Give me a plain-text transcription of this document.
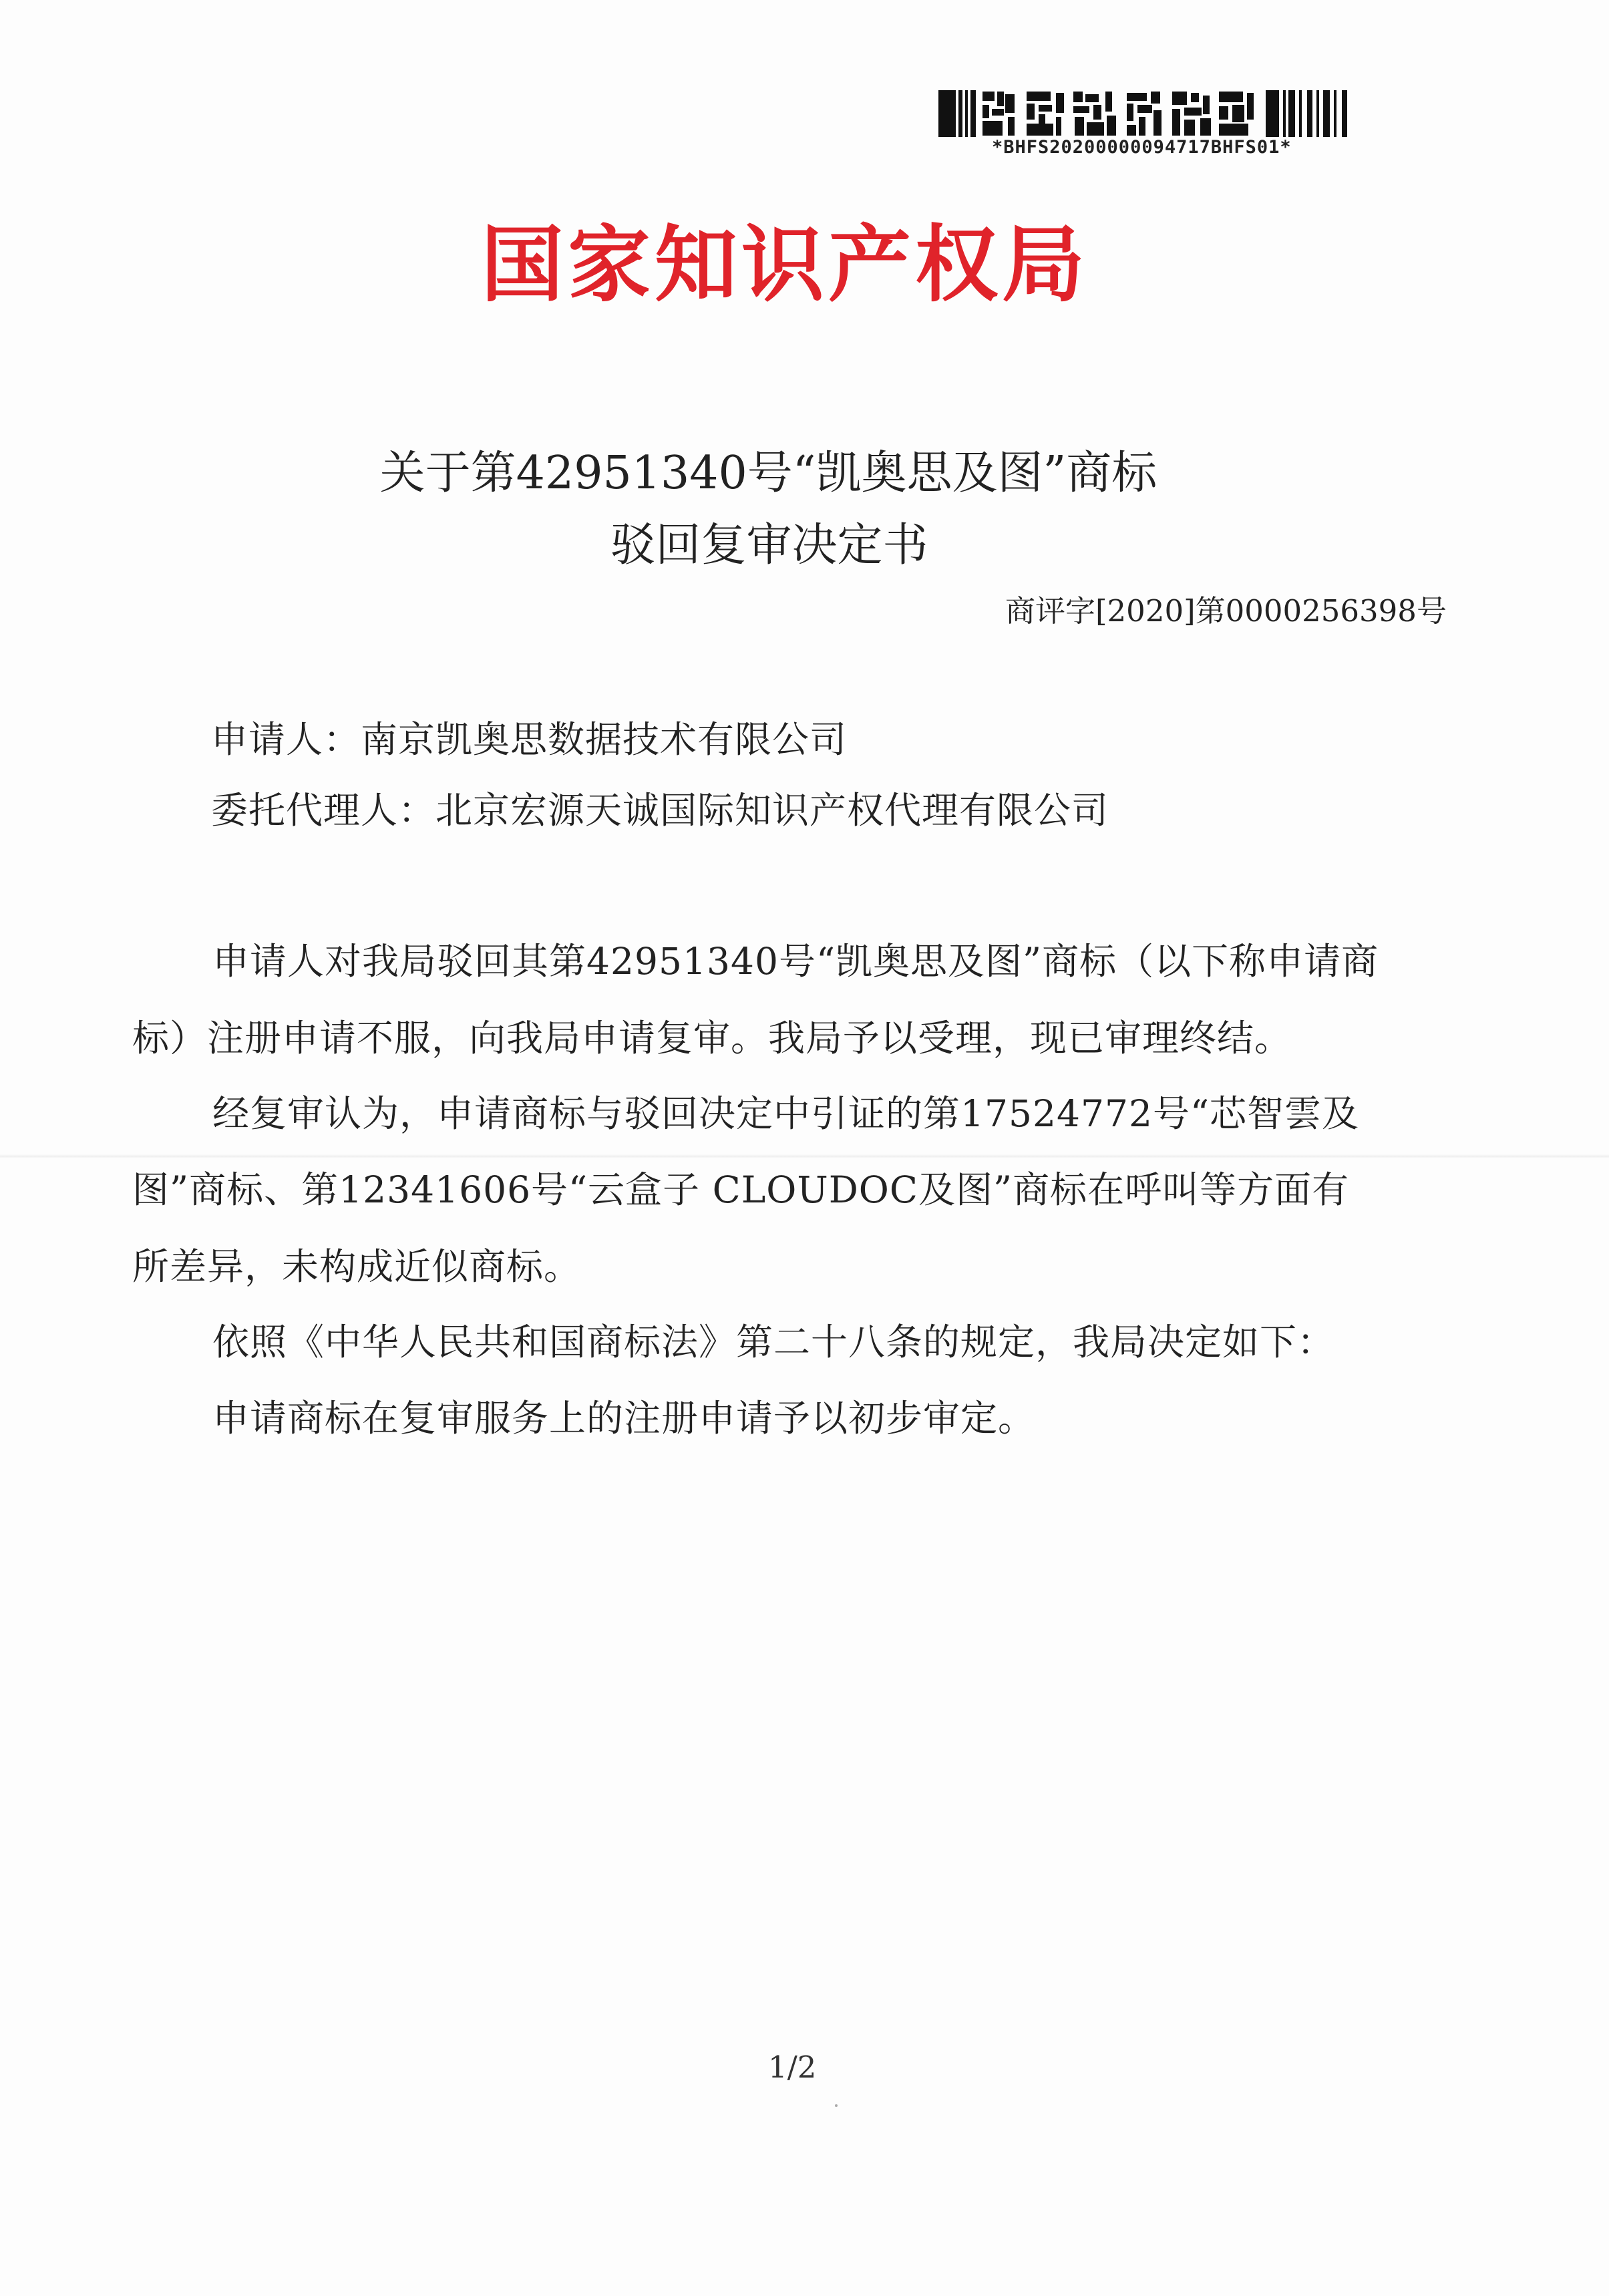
*BHFS20200000094717BHFS01*
国家知识产权局
关于第42951340号“凯奥思及图”商标
驳回复审决定书
商评字[2020]第0000256398号
申请人：南京凯奥思数据技术有限公司
委托代理人：北京宏源天诚国际知识产权代理有限公司
申请人对我局驳回其第42951340号“凯奥思及图”商标（以下称申请商
标）注册申请不服，向我局申请复审。我局予以受理，现已审理终结。
经复审认为，申请商标与驳回决定中引证的第17524772号“芯智雲及
图”商标、第12341606号“云盒子 CLOUDOC及图”商标在呼叫等方面有
所差异，未构成近似商标。
依照《中华人民共和国商标法》第二十八条的规定，我局决定如下：
申请商标在复审服务上的注册申请予以初步审定。
1/2
